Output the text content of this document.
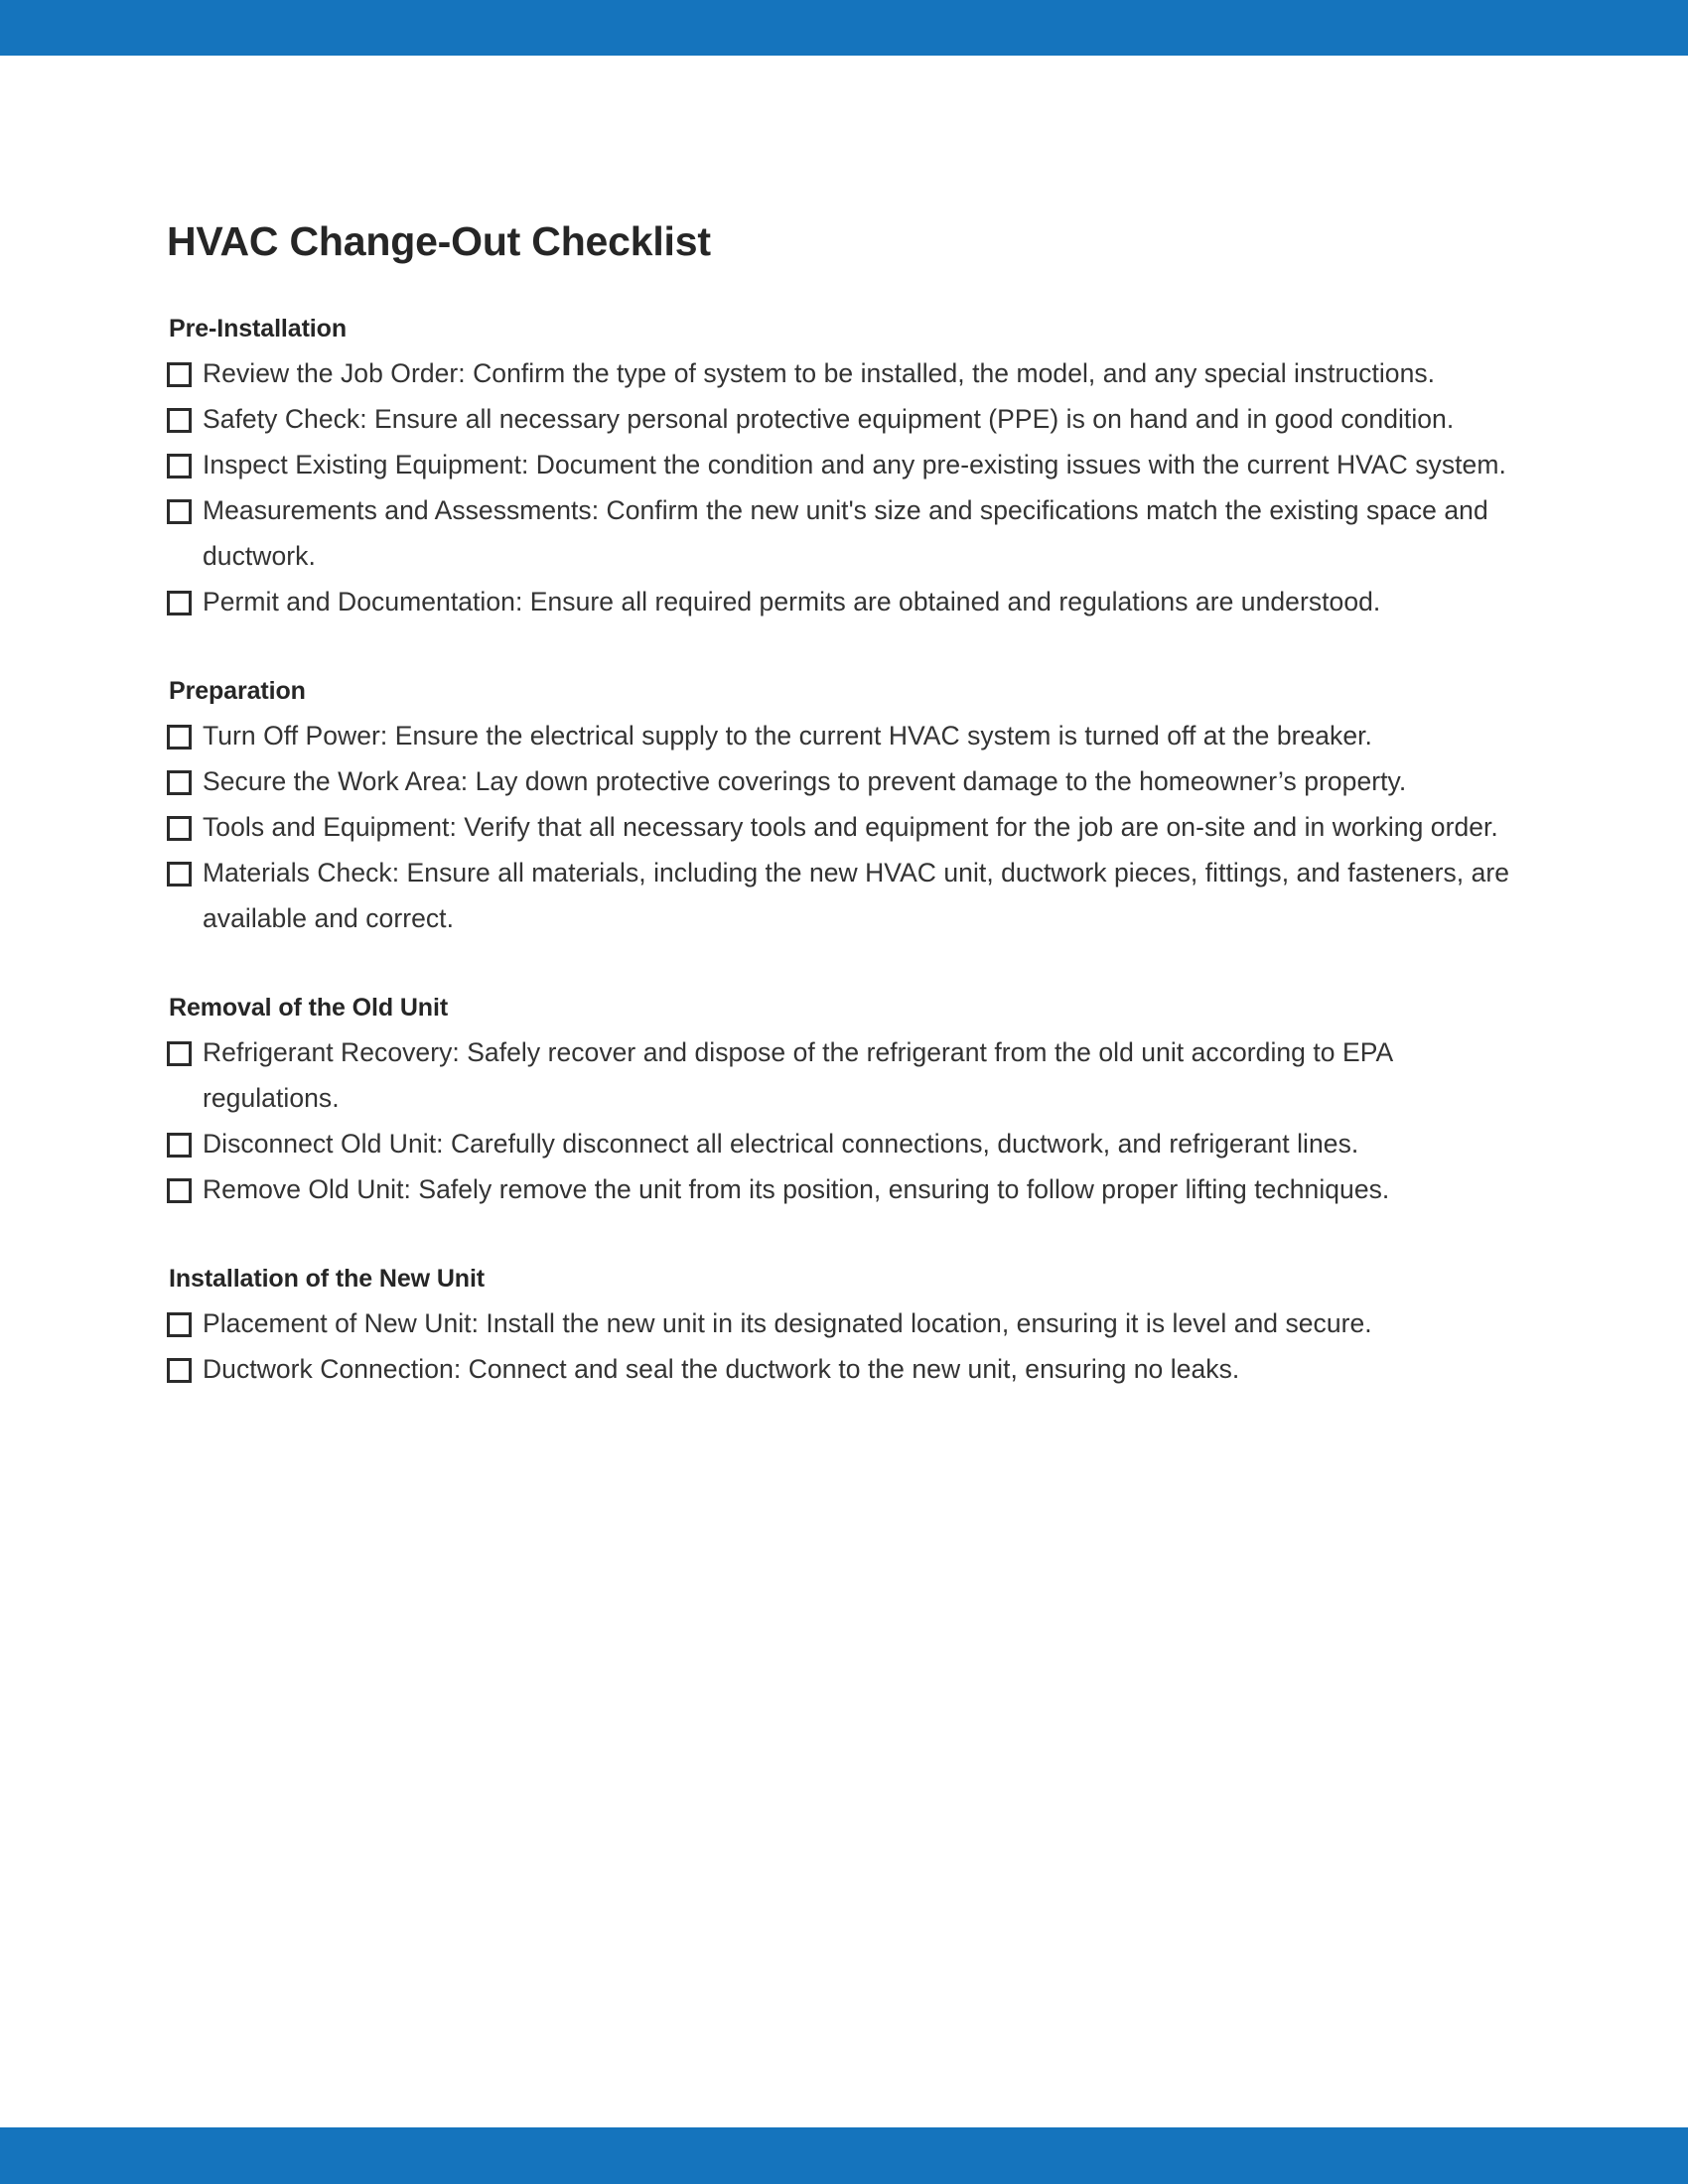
HVAC Change-Out Checklist
Pre-Installation
Review the Job Order: Confirm the type of system to be installed, the model, and any special instructions.
Safety Check: Ensure all necessary personal protective equipment (PPE) is on hand and in good condition.
Inspect Existing Equipment: Document the condition and any pre-existing issues with the current HVAC system.
Measurements and Assessments: Confirm the new unit's size and specifications match the existing space and ductwork.
Permit and Documentation: Ensure all required permits are obtained and regulations are understood.
Preparation
Turn Off Power: Ensure the electrical supply to the current HVAC system is turned off at the breaker.
Secure the Work Area: Lay down protective coverings to prevent damage to the homeowner’s property.
Tools and Equipment: Verify that all necessary tools and equipment for the job are on-site and in working order.
Materials Check: Ensure all materials, including the new HVAC unit, ductwork pieces, fittings, and fasteners, are available and correct.
Removal of the Old Unit
Refrigerant Recovery: Safely recover and dispose of the refrigerant from the old unit according to EPA regulations.
Disconnect Old Unit: Carefully disconnect all electrical connections, ductwork, and refrigerant lines.
Remove Old Unit: Safely remove the unit from its position, ensuring to follow proper lifting techniques.
Installation of the New Unit
Placement of New Unit: Install the new unit in its designated location, ensuring it is level and secure.
Ductwork Connection: Connect and seal the ductwork to the new unit, ensuring no leaks.
